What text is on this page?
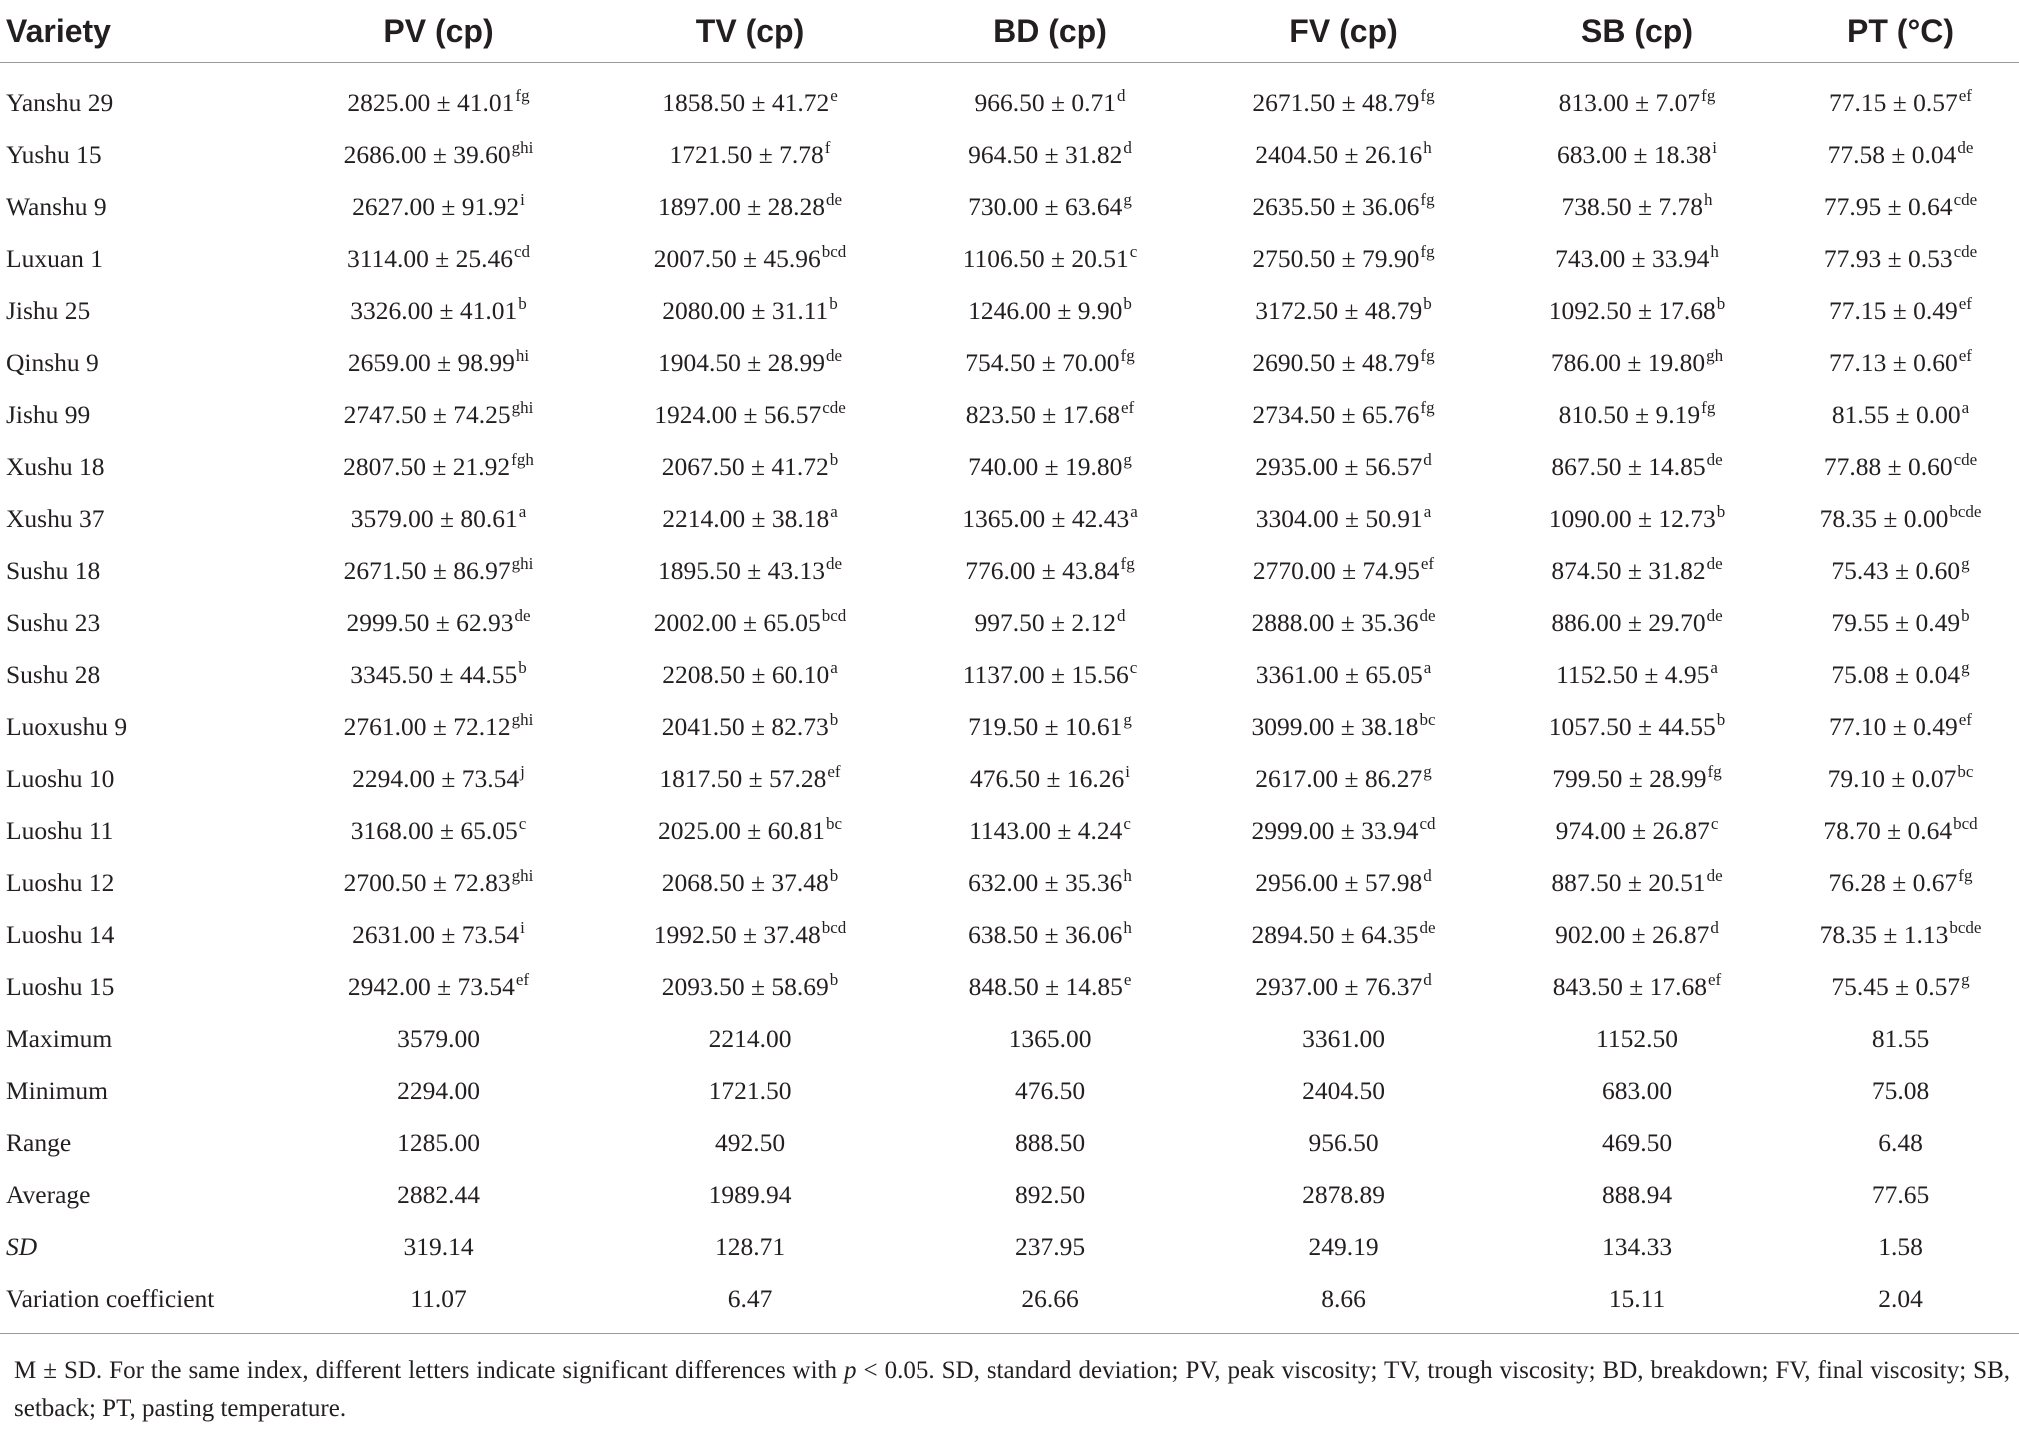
Variety	PV (cp)	TV (cp)	BD (cp)	FV (cp)	SB (cp)	PT (°C)
Yanshu 29	2825.00 ± 41.01$^{fg}$	1858.50 ± 41.72$^e$	966.50 ± 0.71$^d$	2671.50 ± 48.79$^{fg}$	813.00 ± 7.07$^{fg}$	77.15 ± 0.57$^{ef}$
Yushu 15	$2686.00 \pm 39.60^{ghi}$	1721.50 ± 7.78$^f$	964.50 ± 31.82$^d$	2404.50 ± 26.16$^h$	$683.00 \pm 18.38^i$	77.58 ± 0.04de
Wanshu 9	$2627.00 \pm 91.92^i$	1897.00 ± 28.28de	730.00 ± 63.64$^g$	2635.50 ± 36.06$^{fg}$	738.50 ± 7.78$^h$	77.95 ± 0.64$^{cde}$
Luxuan 1	3114.00 ± 25.46$^{cd}$	2007.50 ± 45.96$^{bcd}$	1106.50 ± 20.51$^c$	2750.50 ± 79.90$^{fg}$	743.00 ± 33.94$^h$	77.93 ± 0.53$^{cde}$
Jishu 25	3326.00 ± 41.01$^b$	2080.00 ± 31.11$^b$	1246.00 ± 9.90$^b$	3172.50 ± 48.79$^b$	1092.50 ± 17.68$^b$	77.15 ± 0.49$^{ef}$
Qinshu 9	$2659.00 \pm 98.99^{hi}$	1904.50 ± 28.99de	754.50 ± 70.00$^{fg}$	2690.50 ± 48.79$^{fg}$	786.00 ± 19.80$^{gh}$	77.13 ± 0.60$^{ef}$
Jishu 99	$2747.50 \pm 74.25^{ghi}$	1924.00 ± 56.57$^{cde}$	823.50 ± 17.68$^{ef}$	2734.50 ± 65.76$^{fg}$	810.50 ± 9.19$^{fg}$	81.55 ± 0.00$^a$
Xushu 18	2807.50 ± 21.92$^{fgh}$	2067.50 ± 41.72$^b$	740.00 ± 19.80$^g$	2935.00 ± 56.57$^d$	867.50 ± 14.85de	77.88 ± 0.60$^{cde}$
Xushu 37	3579.00 ± 80.61$^a$	2214.00 ± 38.18$^a$	1365.00 ± 42.43$^a$	3304.00 ± 50.91$^a$	1090.00 ± 12.73$^b$	$78.35 \pm 0.00^{bcde}$
Sushu 18	$2671.50 \pm 86.97^{ghi}$	1895.50 ± 43.13de	776.00 ± 43.84$^{fg}$	2770.00 ± 74.95$^{ef}$	874.50 ± 31.82de	75.43 ± 0.60$^g$
Sushu 23	2999.50 ± 62.93de	2002.00 ± 65.05$^{bcd}$	997.50 ± 2.12$^d$	2888.00 ± 35.36de	886.00 ± 29.70de	79.55 ± 0.49$^b$
Sushu 28	3345.50 ± 44.55$^b$	2208.50 ± 60.10$^a$	1137.00 ± 15.56$^c$	3361.00 ± 65.05$^a$	1152.50 ± 4.95$^a$	75.08 ± 0.04$^g$
Luoxushu 9	$2761.00 \pm 72.12^{ghi}$	2041.50 ± 82.73$^b$	719.50 ± 10.61$^g$	3099.00 ± 38.18$^{bc}$	1057.50 ± 44.55$^b$	77.10 ± 0.49$^{ef}$
Luoshu 10	$2294.00 \pm 73.54^j$	1817.50 ± 57.28$^{ef}$	$476.50 \pm 16.26^i$	2617.00 ± 86.27$^g$	799.50 ± 28.99$^{fg}$	79.10 ± 0.07$^{bc}$
Luoshu 11	3168.00 ± 65.05$^c$	2025.00 ± 60.81$^{bc}$	1143.00 ± 4.24$^c$	2999.00 ± 33.94$^{cd}$	974.00 ± 26.87$^c$	78.70 ± 0.64$^{bcd}$
Luoshu 12	$2700.50 \pm 72.83^{ghi}$	2068.50 ± 37.48$^b$	632.00 ± 35.36$^h$	2956.00 ± 57.98$^d$	887.50 ± 20.51de	76.28 ± 0.67$^{fg}$
Luoshu 14	$2631.00 \pm 73.54^i$	1992.50 ± 37.48$^{bcd}$	638.50 ± 36.06$^h$	2894.50 ± 64.35de	902.00 ± 26.87$^d$	$78.35 \pm 1.13^{bcde}$
Luoshu 15	2942.00 ± 73.54$^{ef}$	2093.50 ± 58.69$^b$	848.50 ± 14.85$^e$	2937.00 ± 76.37$^d$	843.50 ± 17.68$^{ef}$	75.45 ± 0.57$^g$
Maximum	3579.00	2214.00	1365.00	3361.00	1152.50	81.55
Minimum	2294.00	1721.50	476.50	2404.50	683.00	75.08
Range	1285.00	492.50	888.50	956.50	469.50	6.48
Average	2882.44	1989.94	892.50	2878.89	888.94	77.65
SD	319.14	128.71	237.95	249.19	134.33	1.58
Variation coefficient	11.07	6.47	26.66	8.66	15.11	2.04
M ± SD. For the same index, different letters indicate significant differences with p < 0.05. SD, standard deviation; PV, peak viscosity; TV, trough viscosity; BD, breakdown; FV, final viscosity; SB, setback; PT, pasting temperature.
